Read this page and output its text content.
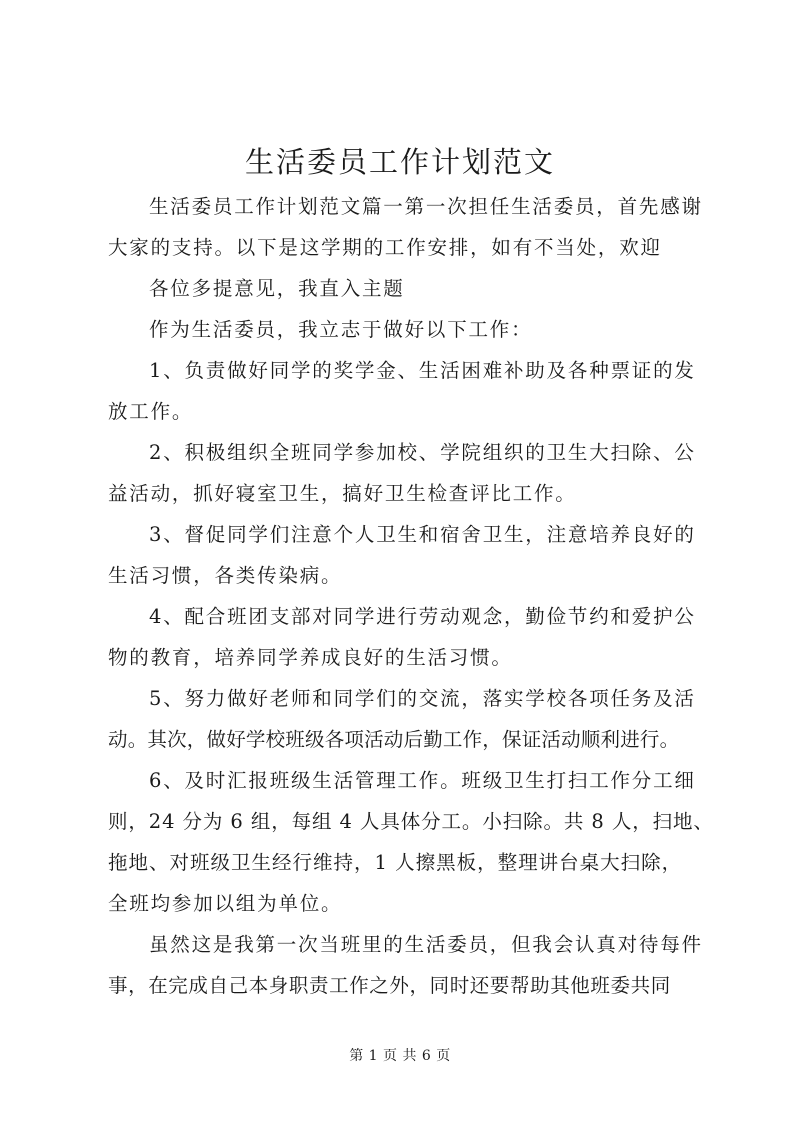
生活委员工作计划范文
生活委员工作计划范文篇一第一次担任生活委员，首先感谢
大家的支持。以下是这学期的工作安排，如有不当处，欢迎
各位多提意见，我直入主题
作为生活委员，我立志于做好以下工作：
1、负责做好同学的奖学金、生活困难补助及各种票证的发
放工作。
2、积极组织全班同学参加校、学院组织的卫生大扫除、公
益活动，抓好寝室卫生，搞好卫生检查评比工作。
3、督促同学们注意个人卫生和宿舍卫生，注意培养良好的
生活习惯，各类传染病。
4、配合班团支部对同学进行劳动观念，勤俭节约和爱护公
物的教育，培养同学养成良好的生活习惯。
5、努力做好老师和同学们的交流，落实学校各项任务及活
动。其次，做好学校班级各项活动后勤工作，保证活动顺利进行。
6、及时汇报班级生活管理工作。班级卫生打扫工作分工细
则，24 分为 6 组，每组 4 人具体分工。小扫除。共 8 人，扫地、
拖地、对班级卫生经行维持，1 人擦黑板，整理讲台桌大扫除，
全班均参加以组为单位。
虽然这是我第一次当班里的生活委员，但我会认真对待每件
事，在完成自己本身职责工作之外，同时还要帮助其他班委共同
第 1 页 共 6 页
